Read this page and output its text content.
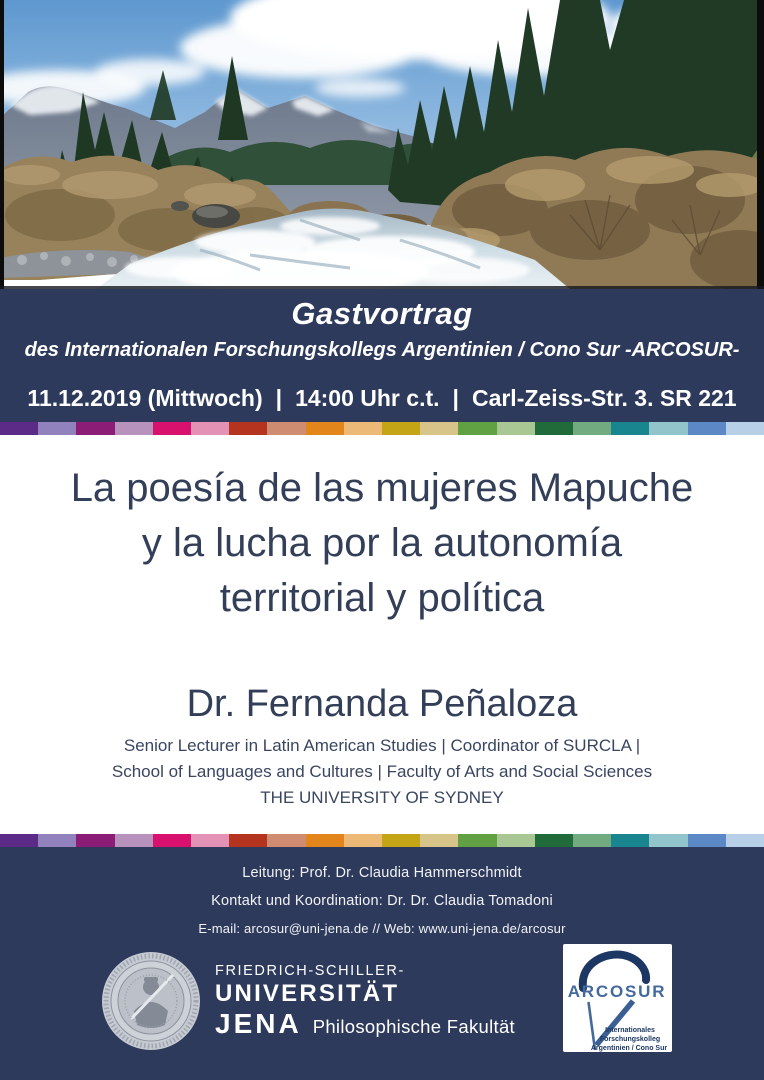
Gastvortrag
des Internationalen Forschungskollegs Argentinien / Cono Sur -ARCOSUR-
11.12.2019 (Mittwoch) | 14:00 Uhr c.t. | Carl-Zeiss-Str. 3. SR 221
La poesía de las mujeres Mapuche
y la lucha por la autonomía
territorial y política
Dr. Fernanda Peñaloza
Senior Lecturer in Latin American Studies | Coordinator of SURCLA |
School of Languages and Cultures | Faculty of Arts and Social Sciences
THE UNIVERSITY OF SYDNEY
Leitung: Prof. Dr. Claudia Hammerschmidt
Kontakt und Koordination: Dr. Dr. Claudia Tomadoni
E-mail: arcosur@uni-jena.de // Web: www.uni-jena.de/arcosur
FRIEDRICH-SCHILLER-
UNIVERSITÄT
JENA Philosophische Fakultät
ARCOSUR
Internationales
Forschungskolleg
Argentinien / Cono Sur
